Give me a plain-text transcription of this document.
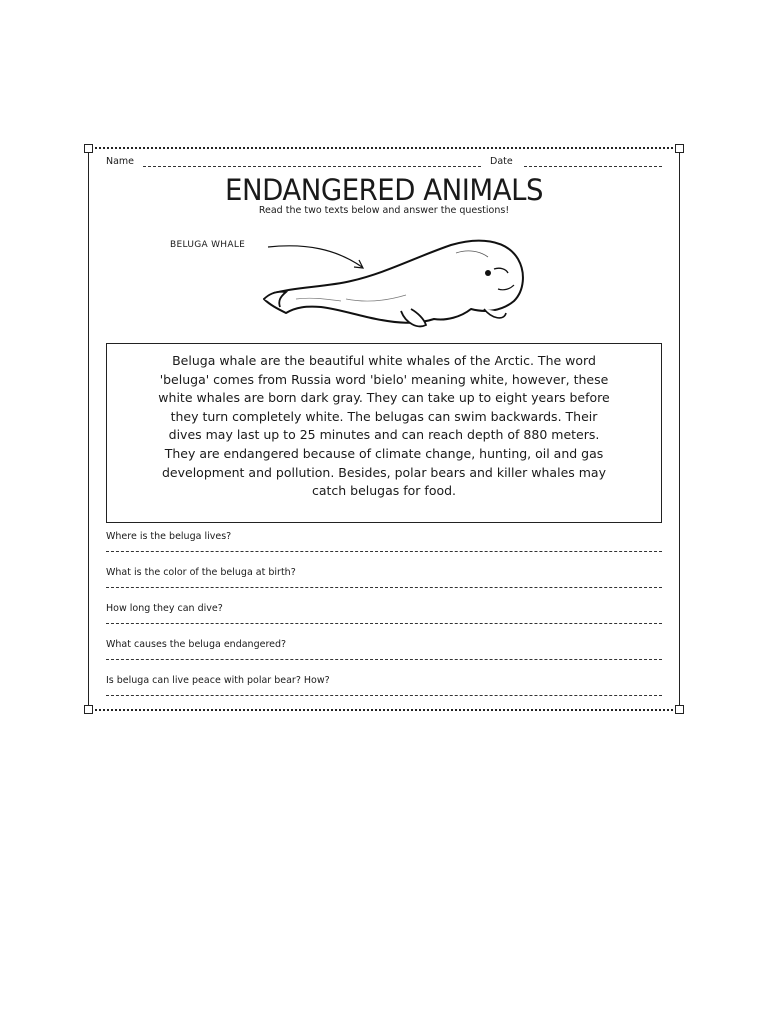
Name	Date
ENDANGERED ANIMALS
Read the two texts below and answer the questions!
BELUGA WHALE
Beluga whale are the beautiful white whales of the Arctic. The word 'beluga' comes from Russia word 'bielo' meaning white, however, these white whales are born dark gray. They can take up to eight years before they turn completely white. The belugas can swim backwards. Their dives may last up to 25 minutes and can reach depth of 880 meters. They are endangered because of climate change, hunting, oil and gas development and pollution. Besides, polar bears and killer whales may catch belugas for food.
Where is the beluga lives?
What is the color of the beluga at birth?
How long they can dive?
What causes the beluga endangered?
Is beluga can live peace with polar bear? How?
